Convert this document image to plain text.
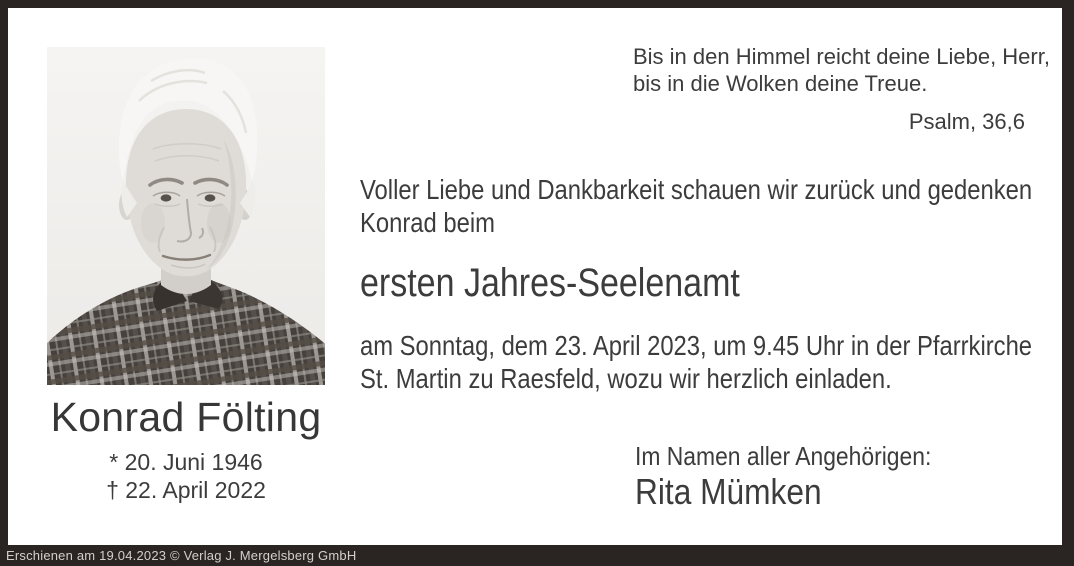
Konrad Fölting
* 20. Juni 1946
† 22. April 2022
Bis in den Himmel reicht deine Liebe, Herr,
bis in die Wolken deine Treue.
Psalm, 36,6
Voller Liebe und Dankbarkeit schauen wir zurück und gedenken
Konrad beim
ersten Jahres-Seelenamt
am Sonntag, dem 23. April 2023, um 9.45 Uhr in der Pfarrkirche
St. Martin zu Raesfeld, wozu wir herzlich einladen.
Im Namen aller Angehörigen:
Rita Mümken
Erschienen am 19.04.2023 © Verlag J. Mergelsberg GmbH
